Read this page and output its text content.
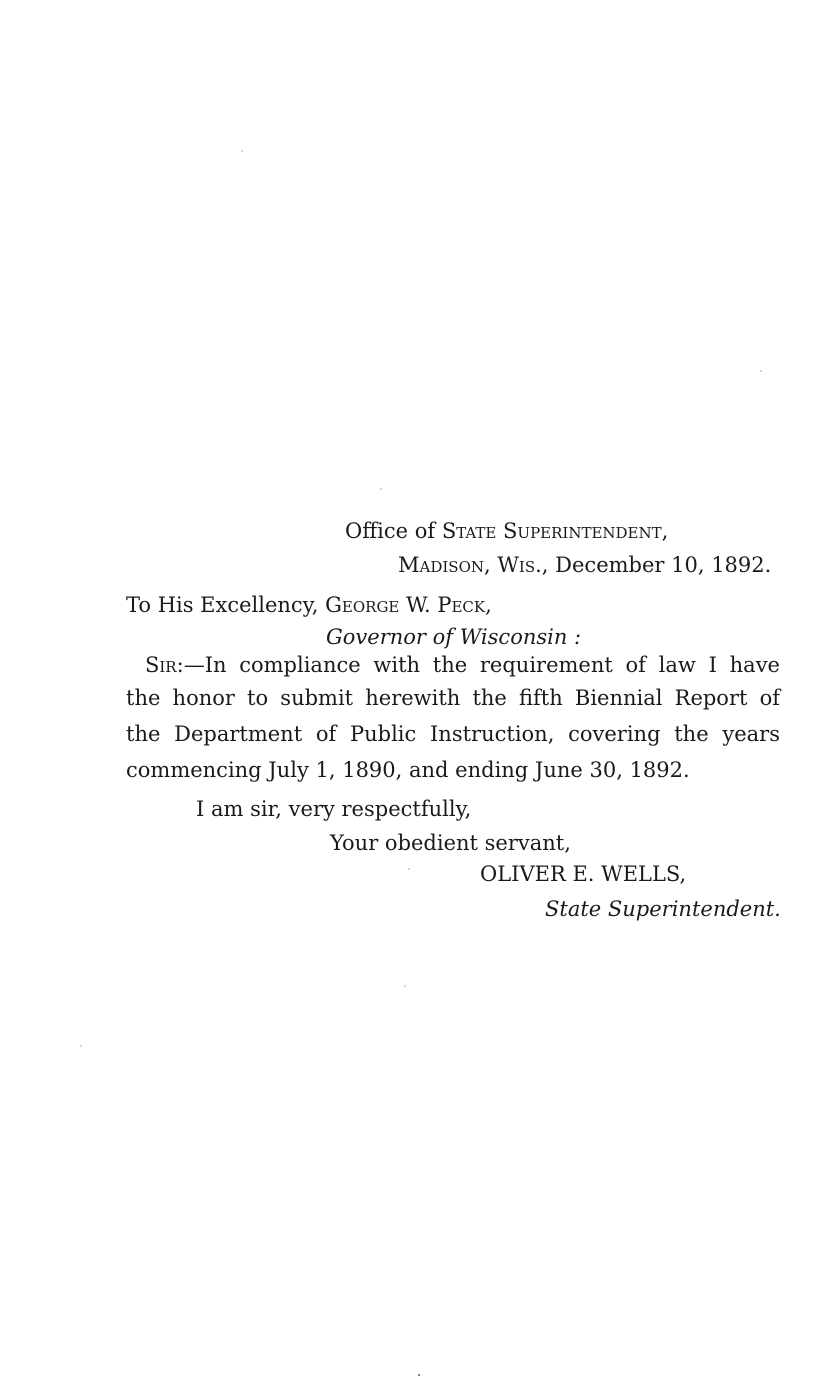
Office of State Superintendent,
Madison, Wis., December 10, 1892.
To His Excellency, George W. Peck,
Governor of Wisconsin :
Sir:—In compliance with the requirement of law I have
the honor to submit herewith the fifth Biennial Report of
the Department of Public Instruction, covering the years
commencing July 1, 1890, and ending June 30, 1892.
I am sir, very respectfully,
Your obedient servant,
OLIVER E. WELLS,
State Superintendent.
